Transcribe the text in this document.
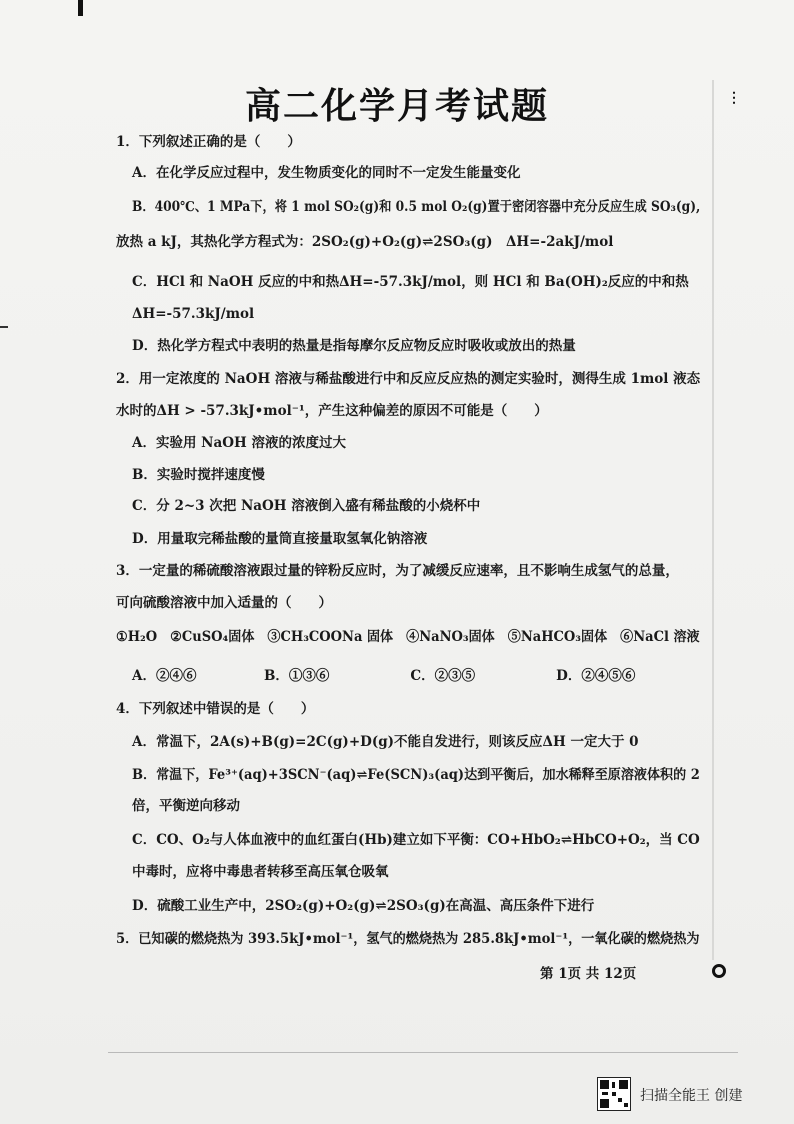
⋮
高二化学月考试题
1．下列叙述正确的是（　　）
A．在化学反应过程中，发生物质变化的同时不一定发生能量变化
B．400℃、1 MPa下，将 1 mol SO₂(g)和 0.5 mol O₂(g)置于密闭容器中充分反应生成 SO₃(g),
放热 a kJ，其热化学方程式为：2SO₂(g)+O₂(g)⇌2SO₃(g)　ΔH=-2akJ/mol
C．HCl 和 NaOH 反应的中和热ΔH=-57.3kJ/mol，则 HCl 和 Ba(OH)₂反应的中和热
ΔH=-57.3kJ/mol
D．热化学方程式中表明的热量是指每摩尔反应物反应时吸收或放出的热量
2．用一定浓度的 NaOH 溶液与稀盐酸进行中和反应反应热的测定实验时，测得生成 1mol 液态
水时的ΔH > -57.3kJ•mol⁻¹，产生这种偏差的原因不可能是（　　）
A．实验用 NaOH 溶液的浓度过大
B．实验时搅拌速度慢
C．分 2~3 次把 NaOH 溶液倒入盛有稀盐酸的小烧杯中
D．用量取完稀盐酸的量筒直接量取氢氧化钠溶液
3．一定量的稀硫酸溶液跟过量的锌粉反应时，为了减缓反应速率，且不影响生成氢气的总量，
可向硫酸溶液中加入适量的（　　）
①H₂O　②CuSO₄固体　③CH₃COONa 固体　④NaNO₃固体　⑤NaHCO₃固体　⑥NaCl 溶液
A．②④⑥　　　　　B．①③⑥　　　　　　C．②③⑤　　　　　　D．②④⑤⑥
4．下列叙述中错误的是（　　）
A．常温下，2A(s)+B(g)=2C(g)+D(g)不能自发进行，则该反应ΔH 一定大于 0
B．常温下，Fe³⁺(aq)+3SCN⁻(aq)⇌Fe(SCN)₃(aq)达到平衡后，加水稀释至原溶液体积的 2
倍，平衡逆向移动
C．CO、O₂与人体血液中的血红蛋白(Hb)建立如下平衡：CO+HbO₂⇌HbCO+O₂，当 CO
中毒时，应将中毒患者转移至高压氧仓吸氧
D．硫酸工业生产中，2SO₂(g)+O₂(g)⇌2SO₃(g)在高温、高压条件下进行
5．已知碳的燃烧热为 393.5kJ•mol⁻¹，氢气的燃烧热为 285.8kJ•mol⁻¹，一氧化碳的燃烧热为
第 1页 共 12页
扫描全能王 创建
